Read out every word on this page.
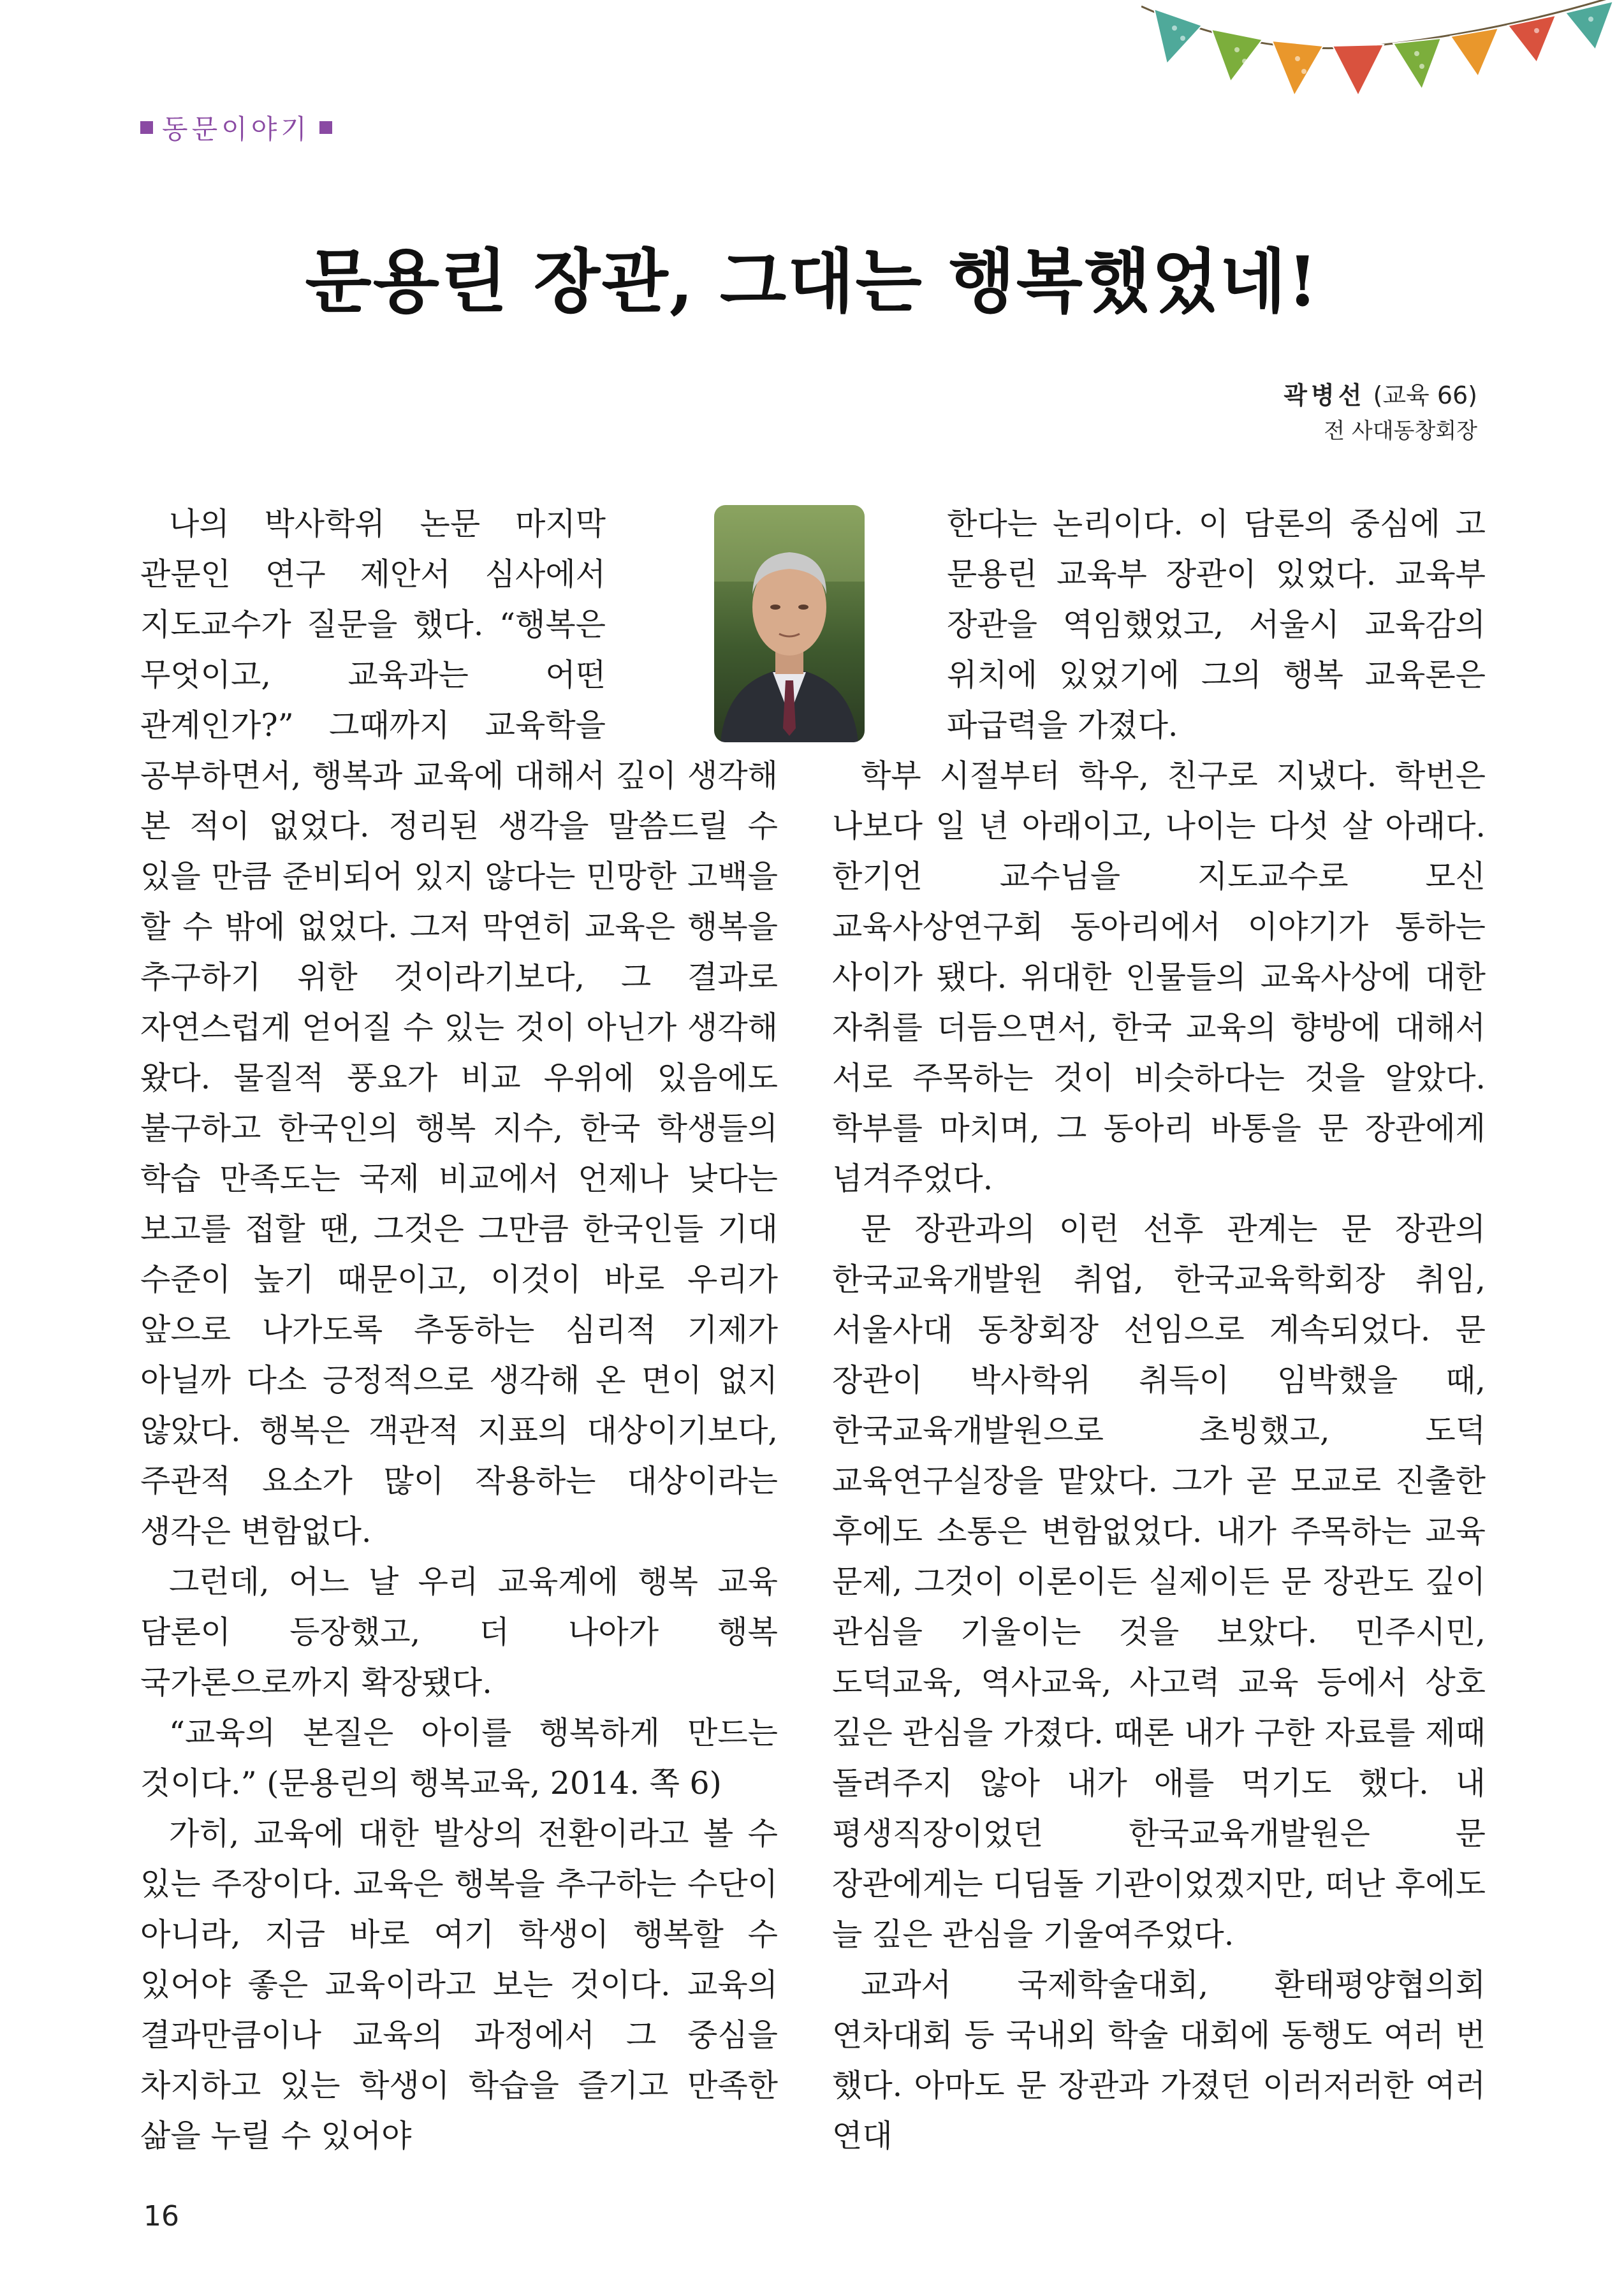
동문이야기
문용린 장관, 그대는 행복했었네!
곽병선 (교육 66)
전 사대동창회장

나의 박사학위 논문 마지막 관문인 연구 제안서 심사에서 지도교수가 질문을 했다. “행복은 무엇이고, 교육과는 어떤 관계인가?” 그때까지 교육학을 공부하면서, 행복과 교육에 대해서 깊이 생각해 본 적이 없었다. 정리된 생각을 말씀드릴 수 있을 만큼 준비되어 있지 않다는 민망한 고백을 할 수 밖에 없었다. 그저 막연히 교육은 행복을 추구하기 위한 것이라기보다, 그 결과로 자연스럽게 얻어질 수 있는 것이 아닌가 생각해 왔다. 물질적 풍요가 비교 우위에 있음에도 불구하고 한국인의 행복 지수, 한국 학생들의 학습 만족도는 국제 비교에서 언제나 낮다는 보고를 접할 땐, 그것은 그만큼 한국인들 기대 수준이 높기 때문이고, 이것이 바로 우리가 앞으로 나가도록 추동하는 심리적 기제가 아닐까 다소 긍정적으로 생각해 온 면이 없지 않았다. 행복은 객관적 지표의 대상이기보다, 주관적 요소가 많이 작용하는 대상이라는 생각은 변함없다.

그런데, 어느 날 우리 교육계에 행복 교육 담론이 등장했고, 더 나아가 행복 국가론으로까지 확장됐다.

“교육의 본질은 아이를 행복하게 만드는 것이다.” (문용린의 행복교육, 2014. 쪽 6)

가히, 교육에 대한 발상의 전환이라고 볼 수 있는 주장이다. 교육은 행복을 추구하는 수단이 아니라, 지금 바로 여기 학생이 행복할 수 있어야 좋은 교육이라고 보는 것이다. 교육의 결과만큼이나 교육의 과정에서 그 중심을 차지하고 있는 학생이 학습을 즐기고 만족한 삶을 누릴 수 있어야

한다는 논리이다. 이 담론의 중심에 고 문용린 교육부 장관이 있었다. 교육부 장관을 역임했었고, 서울시 교육감의 위치에 있었기에 그의 행복 교육론은 파급력을 가졌다.

학부 시절부터 학우, 친구로 지냈다. 학번은 나보다 일 년 아래이고, 나이는 다섯 살 아래다. 한기언 교수님을 지도교수로 모신 교육사상연구회 동아리에서 이야기가 통하는 사이가 됐다. 위대한 인물들의 교육사상에 대한 자취를 더듬으면서, 한국 교육의 향방에 대해서 서로 주목하는 것이 비슷하다는 것을 알았다. 학부를 마치며, 그 동아리 바통을 문 장관에게 넘겨주었다.

문 장관과의 이런 선후 관계는 문 장관의 한국교육개발원 취업, 한국교육학회장 취임, 서울사대 동창회장 선임으로 계속되었다. 문 장관이 박사학위 취득이 임박했을 때, 한국교육개발원으로 초빙했고, 도덕 교육연구실장을 맡았다. 그가 곧 모교로 진출한 후에도 소통은 변함없었다. 내가 주목하는 교육 문제, 그것이 이론이든 실제이든 문 장관도 깊이 관심을 기울이는 것을 보았다. 민주시민, 도덕교육, 역사교육, 사고력 교육 등에서 상호 깊은 관심을 가졌다. 때론 내가 구한 자료를 제때 돌려주지 않아 내가 애를 먹기도 했다. 내 평생직장이었던 한국교육개발원은 문 장관에게는 디딤돌 기관이었겠지만, 떠난 후에도 늘 깊은 관심을 기울여주었다.

교과서 국제학술대회, 환태평양협의회 연차대회 등 국내외 학술 대회에 동행도 여러 번 했다. 아마도 문 장관과 가졌던 이러저러한 여러 연대

16
